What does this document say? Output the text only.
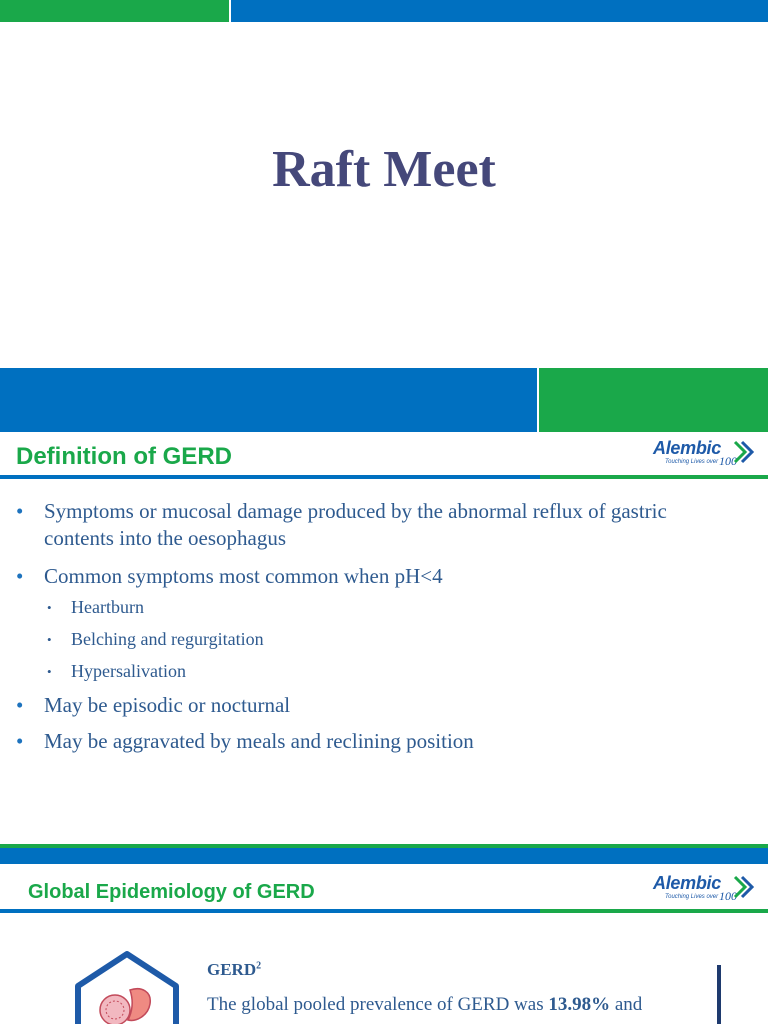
Raft Meet
Definition of GERD	Alembic
Touching Lives over 100
• Symptoms or mucosal damage produced by the abnormal reflux of gastric contents into the oesophagus
• Common symptoms most common when pH<4
• Heartburn
• Belching and regurgitation
• Hypersalivation
• May be episodic or nocturnal
• May be aggravated by meals and reclining position
Global Epidemiology of GERD	Alembic
Touching Lives over 100
GERD$^2$
The global pooled prevalence of GERD was 13.98% and
